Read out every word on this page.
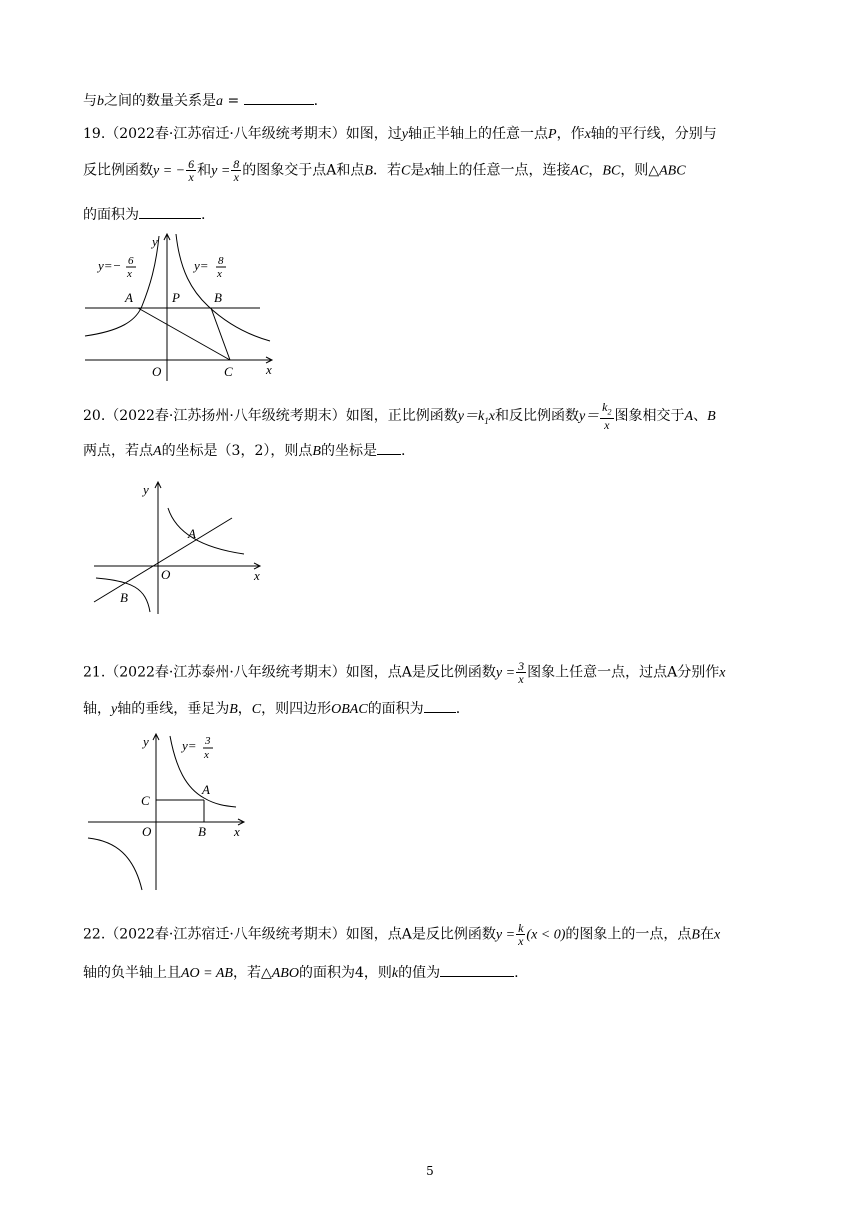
与b之间的数量关系是a =	.
19.（2022春·江苏宿迁·八年级统考期末）如图，过y轴正半轴上的任意一点P，作x轴的平行线，分别与
反比例函数y = − $\frac{6}{x}$ 和$y = \frac{8}{x}$ 的图象交于点A和点B．若C是x轴上的任意一点，连接AC，BC，则△ABC
的面积为	.
y=− 6
x
y= 8
x
y
A	P	B
O	C	x
20.（2022春·江苏扬州·八年级统考期末）如图，正比例函数$y=k_1x$和反比例函数$y= \frac{k_2}{x}$ 图象相交于A、B
两点，若点A的坐标是（3，2），则点B的坐标是 .
y
A
O	x
B
21.（2022春·江苏泰州·八年级统考期末）如图，点A是反比例函数$y = \frac{3}{x}$ 图象上任意一点，过点A分别作x
轴，y轴的垂线，垂足为B，C，则四边形OBAC的面积为 .
y	y= 3
x
C
A
O	B x
22.（2022春·江苏宿迁·八年级统考期末）如图，点A是反比例函数$y = \frac{k}{x} (x < 0)$的图象上的一点，点B在x
轴的负半轴上且AO = AB，若△ABO的面积为4，则k的值为	.
5
